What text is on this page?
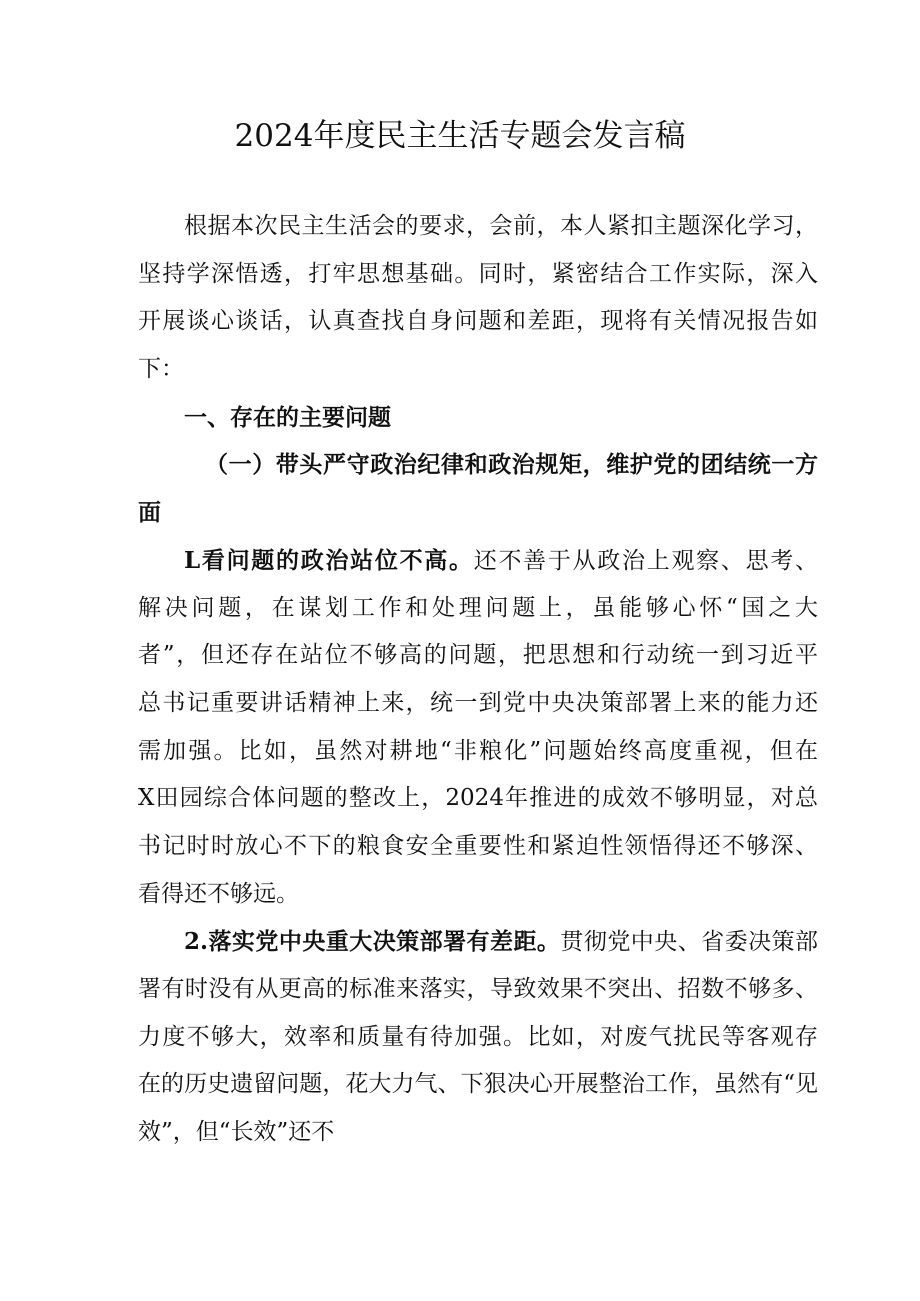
2024年度民主生活专题会发言稿
根据本次民主生活会的要求，会前，本人紧扣主题深化学习，
坚持学深悟透，打牢思想基础。同时，紧密结合工作实际，深入
开展谈心谈话，认真查找自身问题和差距，现将有关情况报告如
下：
一、存在的主要问题
（一）带头严守政治纪律和政治规矩，维护党的团结统一方
面
L看问题的政治站位不高。还不善于从政治上观察、思考、
解决问题，在谋划工作和处理问题上，虽能够心怀“国之大
者”，但还存在站位不够高的问题，把思想和行动统一到习近平
总书记重要讲话精神上来，统一到党中央决策部署上来的能力还
需加强。比如，虽然对耕地“非粮化”问题始终高度重视，但在
X田园综合体问题的整改上，2024年推进的成效不够明显，对总
书记时时放心不下的粮食安全重要性和紧迫性领悟得还不够深、
看得还不够远。
2.落实党中央重大决策部署有差距。贯彻党中央、省委决策部
署有时没有从更高的标准来落实，导致效果不突出、招数不够多、
力度不够大，效率和质量有待加强。比如，对废气扰民等客观存
在的历史遗留问题，花大力气、下狠决心开展整治工作，虽然有“见
效”，但“长效”还不
